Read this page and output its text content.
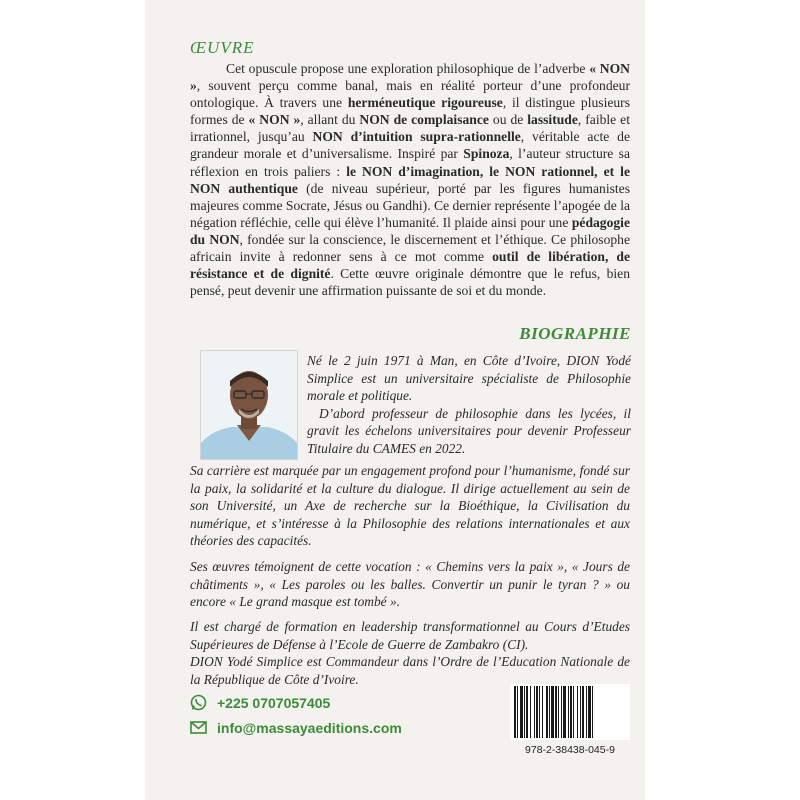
ŒUVRE

Cet opuscule propose une exploration philosophique de l’adverbe « NON », souvent perçu comme banal, mais en réalité porteur d’une profondeur ontologique. À travers une herméneutique rigoureuse, il distingue plusieurs formes de « NON », allant du NON de complaisance ou de lassitude, faible et irrationnel, jusqu’au NON d’intuition supra-rationnelle, véritable acte de grandeur morale et d’universalisme. Inspiré par Spinoza, l’auteur structure sa réflexion en trois paliers : le NON d’imagination, le NON rationnel, et le NON authentique (de niveau supérieur, porté par les figures humanistes majeures comme Socrate, Jésus ou Gandhi). Ce dernier représente l’apogée de la négation réfléchie, celle qui élève l’humanité. Il plaide ainsi pour une pédagogie du NON, fondée sur la conscience, le discernement et l’éthique. Ce philosophe africain invite à redonner sens à ce mot comme outil de libération, de résistance et de dignité. Cette œuvre originale démontre que le refus, bien pensé, peut devenir une affirmation puissante de soi et du monde.

BIOGRAPHIE

Né le 2 juin 1971 à Man, en Côte d’Ivoire, DION Yodé Simplice est un universitaire spécialiste de Philosophie morale et politique.

D’abord professeur de philosophie dans les lycées, il gravit les échelons universitaires pour devenir Professeur Titulaire du CAMES en 2022.

Sa carrière est marquée par un engagement profond pour l’humanisme, fondé sur la paix, la solidarité et la culture du dialogue. Il dirige actuellement au sein de son Université, un Axe de recherche sur la Bioéthique, la Civilisation du numérique, et s’intéresse à la Philosophie des relations internationales et aux théories des capacités.

Ses œuvres témoignent de cette vocation : « Chemins vers la paix », « Jours de châtiments », « Les paroles ou les balles. Convertir un punir le tyran ? » ou encore « Le grand masque est tombé ».

Il est chargé de formation en leadership transformationnel au Cours d’Etudes Supérieures de Défense à l’Ecole de Guerre de Zambakro (CI).

DION Yodé Simplice est Commandeur dans l’Ordre de l’Education Nationale de la République de Côte d’Ivoire.

+225 0707057405
info@massayaeditions.com
978-2-38438-045-9
